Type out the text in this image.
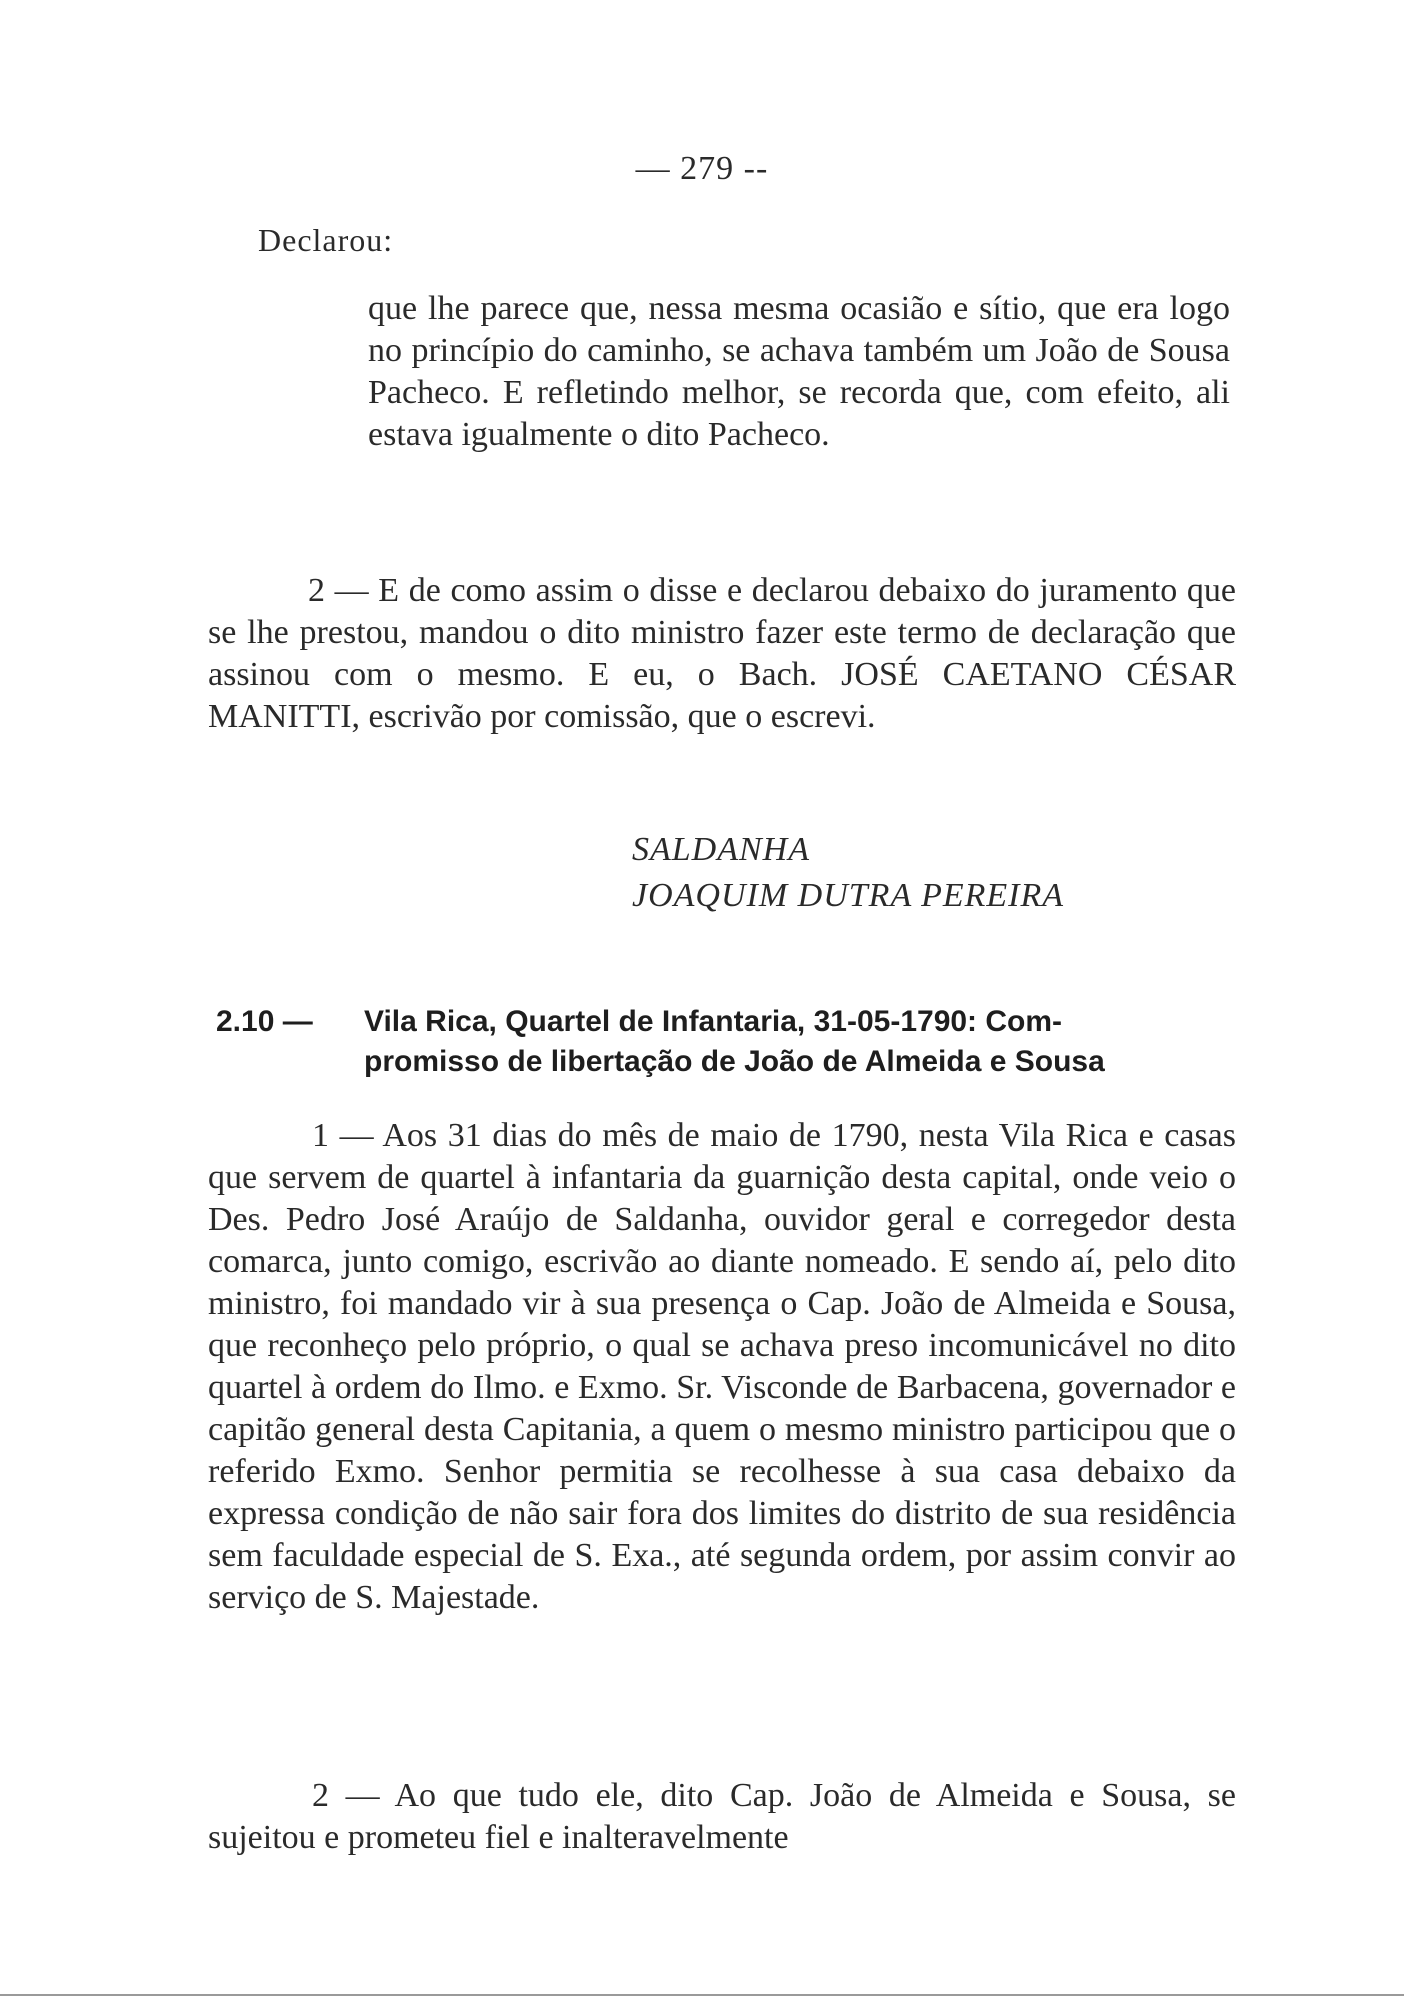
— 279 --
Declarou:
que lhe parece que, nessa mesma ocasião e sítio, que era logo no princípio do caminho, se achava também um João de Sousa Pacheco. E refletindo melhor, se recorda que, com efeito, ali estava igualmente o dito Pacheco.
2 — E de como assim o disse e declarou debaixo do juramento que se lhe prestou, mandou o dito ministro fazer este termo de declaração que assinou com o mesmo. E eu, o Bach. JOSÉ CAETANO CÉSAR MANITTI, escrivão por comissão, que o escrevi.
SALDANHA
JOAQUIM DUTRA PEREIRA
2.10 — Vila Rica, Quartel de Infantaria, 31-05-1790: Com-
promisso de libertação de João de Almeida e Sousa
1 — Aos 31 dias do mês de maio de 1790, nesta Vila Rica e casas que servem de quartel à infantaria da guarnição desta capital, onde veio o Des. Pedro José Araújo de Saldanha, ouvidor geral e corregedor desta comarca, junto comigo, escrivão ao diante nomeado. E sendo aí, pelo dito ministro, foi mandado vir à sua presença o Cap. João de Almeida e Sousa, que reconheço pelo próprio, o qual se achava preso incomunicável no dito quartel à ordem do Ilmo. e Exmo. Sr. Visconde de Barbacena, governador e capitão general desta Capitania, a quem o mesmo ministro participou que o referido Exmo. Senhor permitia se recolhesse à sua casa debaixo da expressa condição de não sair fora dos limites do distrito de sua residência sem faculdade especial de S. Exa., até segunda ordem, por assim convir ao serviço de S. Majestade.
2 — Ao que tudo ele, dito Cap. João de Almeida e Sousa, se sujeitou e prometeu fiel e inalteravelmente
